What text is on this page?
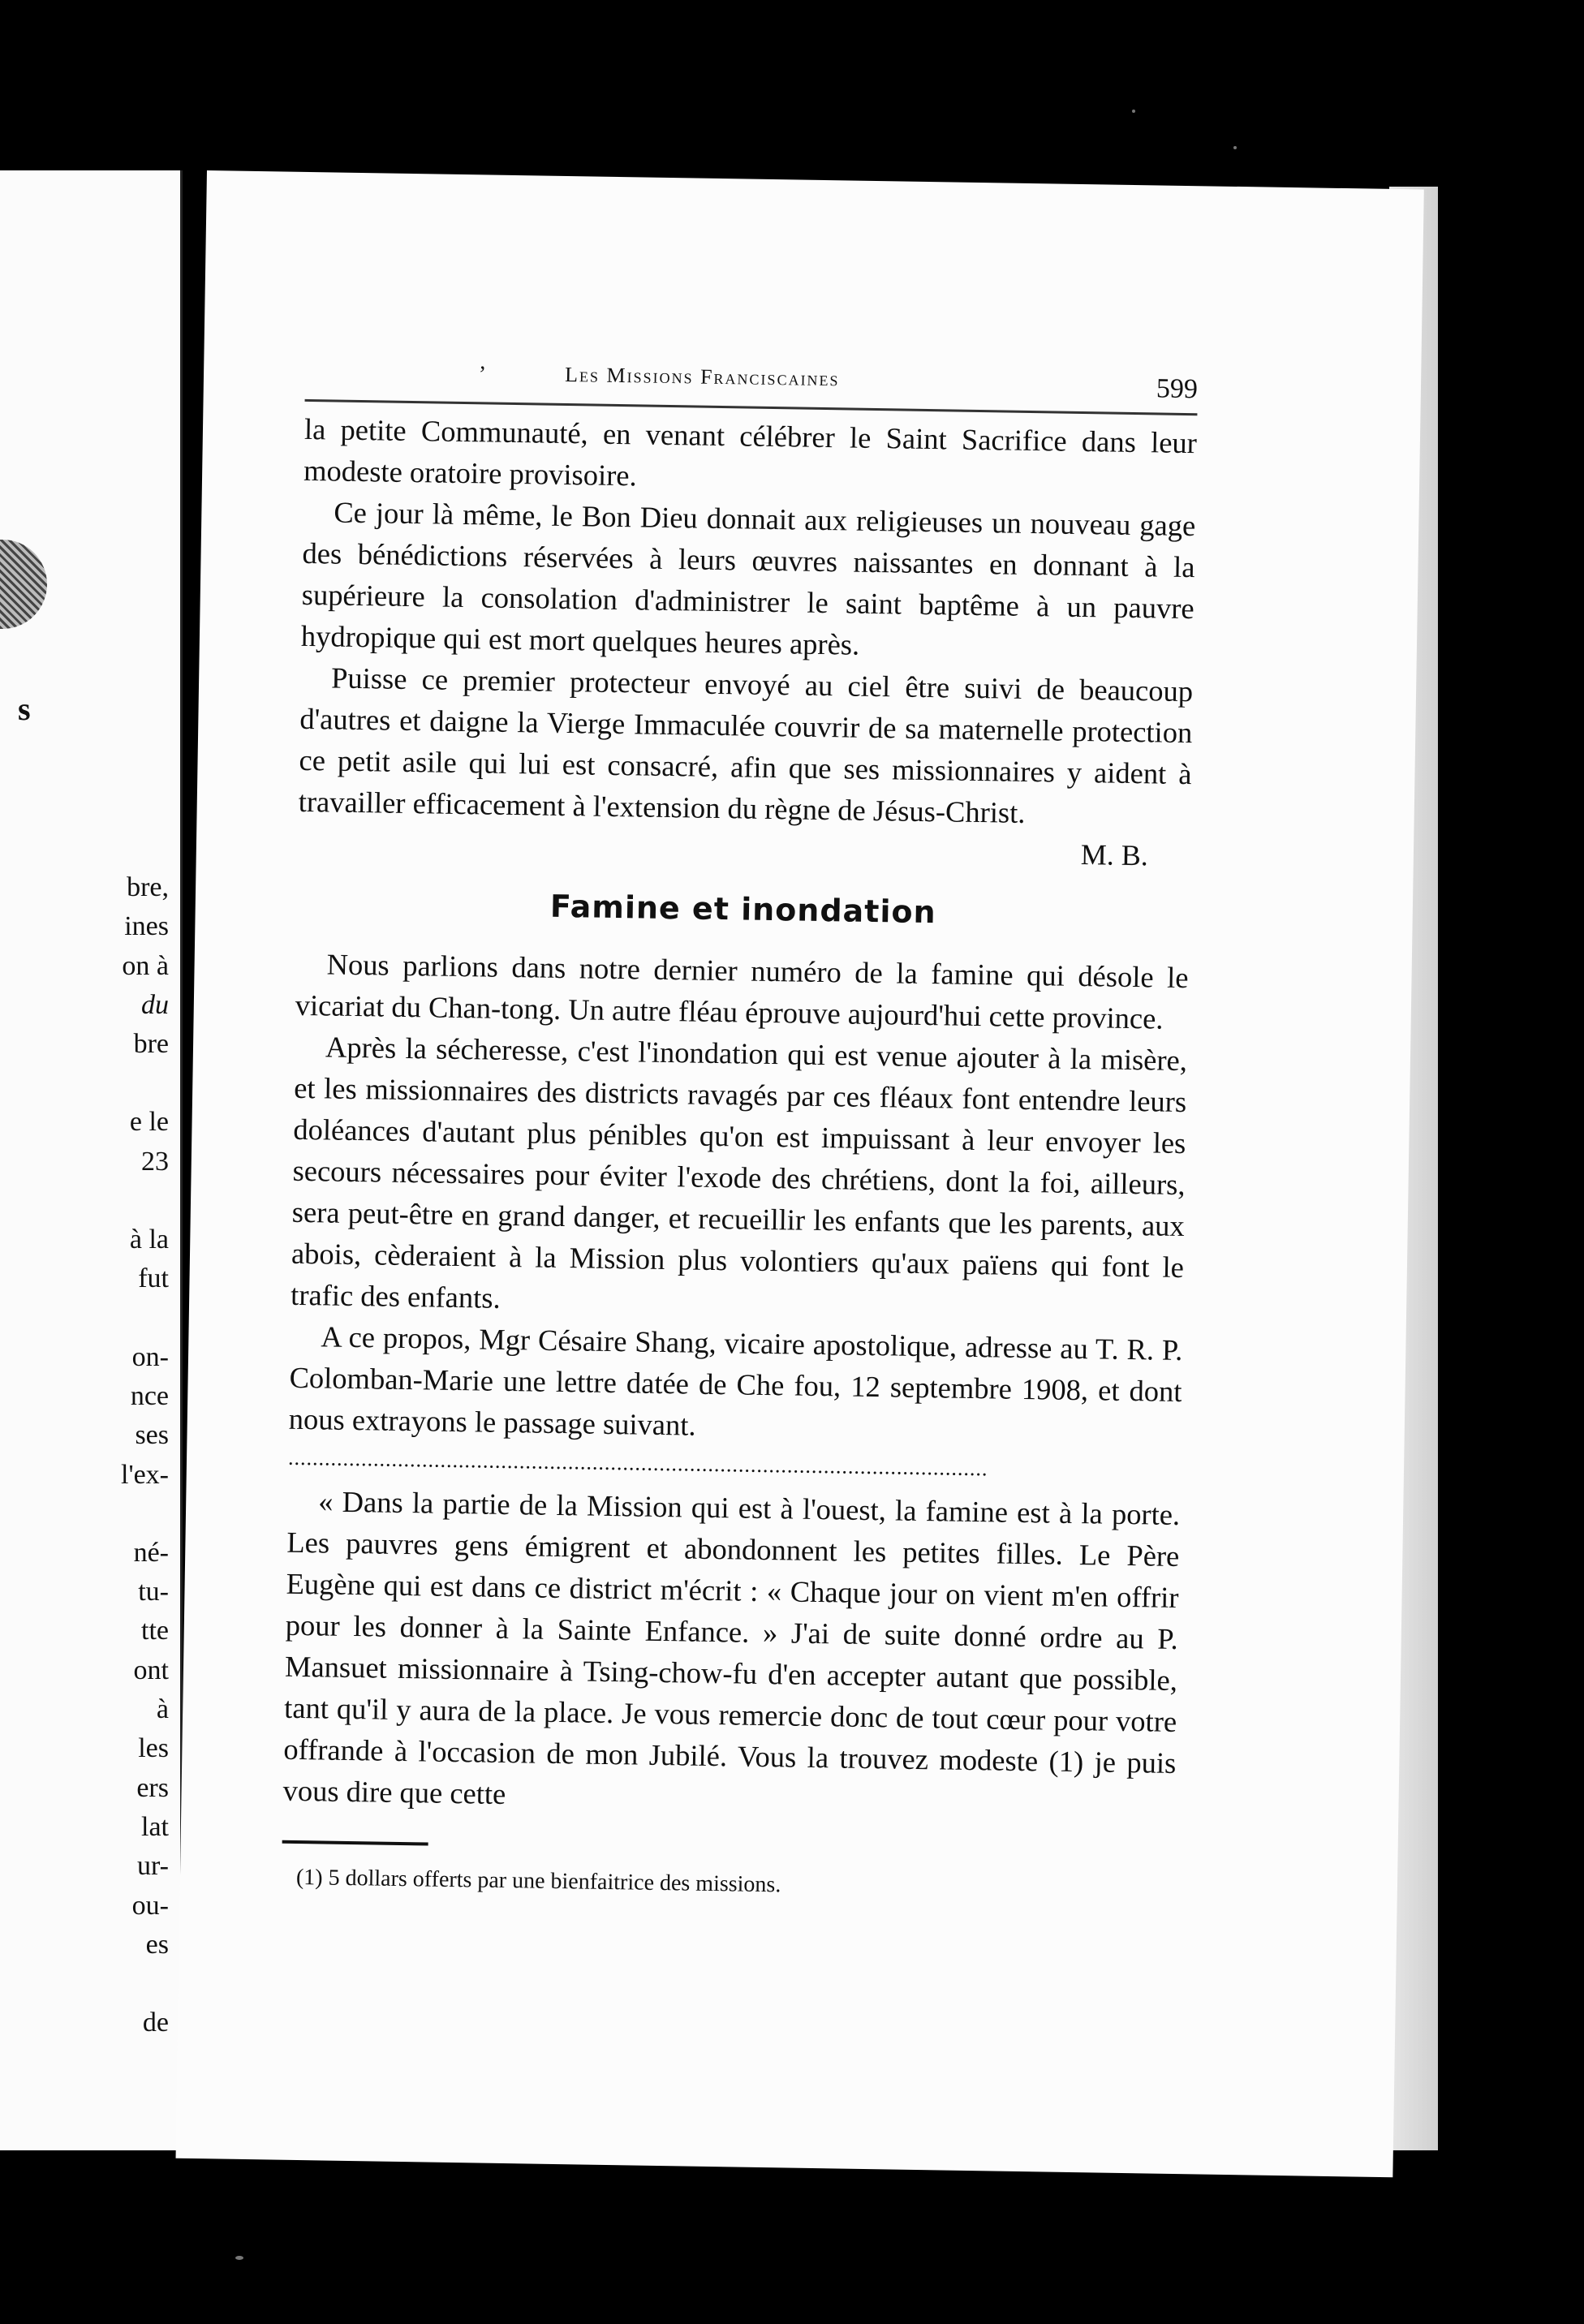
s
bre,
ines
on à
du
bre
e le
23
à la
fut
on-
nce
ses
l'ex-
né-
tu-
tte
ont
à
les
ers
lat
ur-
ou-
es
de
,
Les Missions Franciscaines	599

la petite Communauté, en venant célébrer le Saint Sacrifice dans leur modeste oratoire provisoire.

Ce jour là même, le Bon Dieu donnait aux religieuses un nouveau gage des bénédictions réservées à leurs œuvres naissantes en donnant à la supérieure la consolation d'administrer le saint baptême à un pauvre hydropique qui est mort quelques heures après.

Puisse ce premier protecteur envoyé au ciel être suivi de beaucoup d'autres et daigne la Vierge Immaculée couvrir de sa maternelle protection ce petit asile qui lui est consacré, afin que ses missionnaires y aident à travailler efficacement à l'extension du règne de Jésus-Christ.

M. B.
Famine et inondation

Nous parlions dans notre dernier numéro de la famine qui désole le vicariat du Chan-tong. Un autre fléau éprouve aujourd'hui cette province.

Après la sécheresse, c'est l'inondation qui est venue ajouter à la misère, et les missionnaires des districts ravagés par ces fléaux font entendre leurs doléances d'autant plus pénibles qu'on est impuissant à leur envoyer les secours nécessaires pour éviter l'exode des chrétiens, dont la foi, ailleurs, sera peut-être en grand danger, et recueillir les enfants que les parents, aux abois, cèderaient à la Mission plus volontiers qu'aux païens qui font le trafic des enfants.

A ce propos, Mgr Césaire Shang, vicaire apostolique, adresse au T. R. P. Colomban-Marie une lettre datée de Che fou, 12 septembre 1908, et dont nous extrayons le passage suivant.

...................................................................................................................

« Dans la partie de la Mission qui est à l'ouest, la famine est à la porte. Les pauvres gens émigrent et abondonnent les petites filles. Le Père Eugène qui est dans ce district m'écrit : « Chaque jour on vient m'en offrir pour les donner à la Sainte Enfance. » J'ai de suite donné ordre au P. Mansuet missionnaire à Tsing-chow-fu d'en accepter autant que possible, tant qu'il y aura de la place. Je vous remercie donc de tout cœur pour votre offrande à l'occasion de mon Jubilé. Vous la trouvez modeste (1) je puis vous dire que cette

(1) 5 dollars offerts par une bienfaitrice des missions.
